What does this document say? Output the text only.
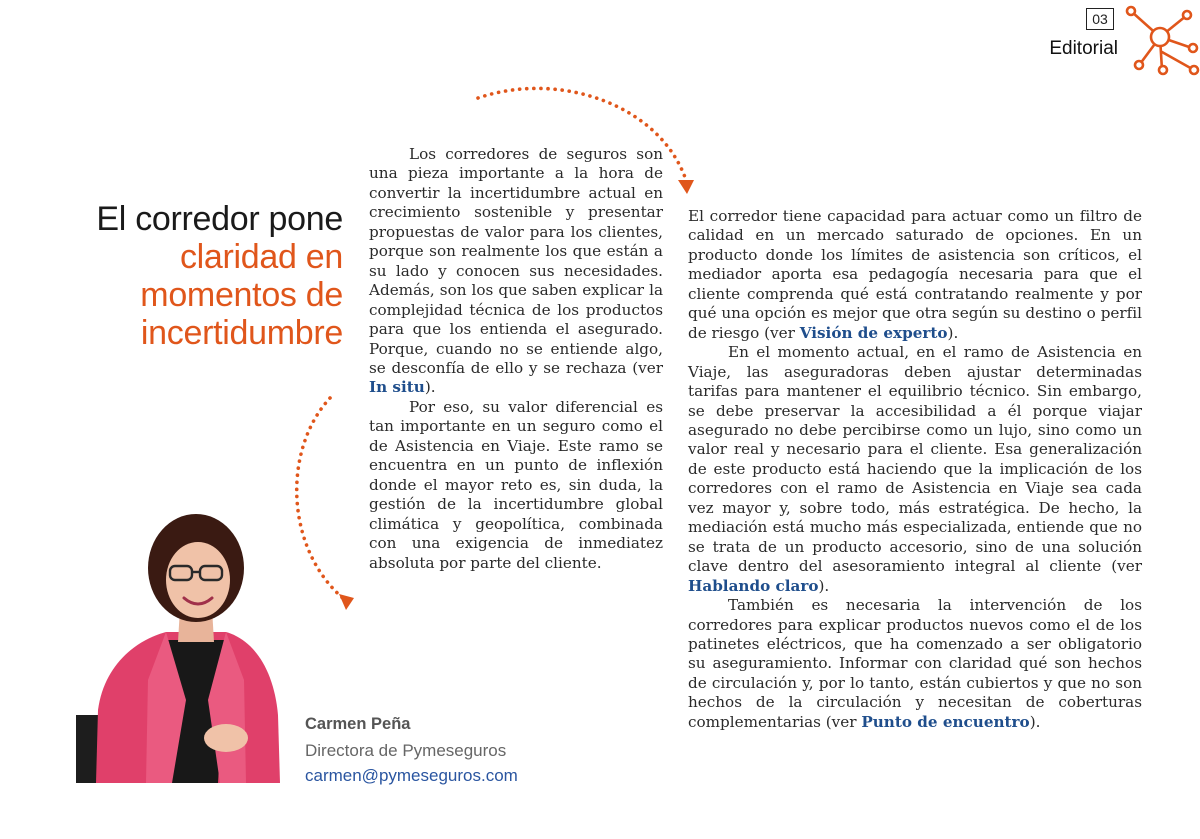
03
Editorial
El corredor pone
claridad en
momentos de
incertidumbre

Los corredores de seguros son una pieza importante a la hora de convertir la incertidumbre actual en crecimiento sostenible y presentar propuestas de valor para los clientes, porque son realmente los que están a su lado y conocen sus necesidades. Además, son los que saben explicar la complejidad técnica de los productos para que los entienda el asegurado. Porque, cuando no se entiende algo, se desconfía de ello y se rechaza (ver In situ).

Por eso, su valor diferencial es tan importante en un seguro como el de Asistencia en Viaje. Este ramo se encuentra en un punto de inflexión donde el mayor reto es, sin duda, la gestión de la incertidumbre global climática y geopolítica, combinada con una exigencia de inmediatez absoluta por parte del cliente.

El corredor tiene capacidad para actuar como un filtro de calidad en un mercado saturado de opciones. En un producto donde los límites de asistencia son críticos, el mediador aporta esa pedagogía necesaria para que el cliente comprenda qué está contratando realmente y por qué una opción es mejor que otra según su destino o perfil de riesgo (ver Visión de experto).

En el momento actual, en el ramo de Asistencia en Viaje, las aseguradoras deben ajustar determinadas tarifas para mantener el equilibrio técnico. Sin embargo, se debe preservar la accesibilidad a él porque viajar asegurado no debe percibirse como un lujo, sino como un valor real y necesario para el cliente. Esa generalización de este producto está haciendo que la implicación de los corredores con el ramo de Asistencia en Viaje sea cada vez mayor y, sobre todo, más estratégica. De hecho, la mediación está mucho más especializada, entiende que no se trata de un producto accesorio, sino de una solución clave dentro del asesoramiento integral al cliente (ver Hablando claro).

También es necesaria la intervención de los corredores para explicar productos nuevos como el de los patinetes eléctricos, que ha comenzado a ser obligatorio su aseguramiento. Informar con claridad qué son hechos de circulación y, por lo tanto, están cubiertos y que no son hechos de la circulación y necesitan de coberturas complementarias (ver Punto de encuentro).

Carmen Peña
Directora de Pymeseguros
carmen@pymeseguros.com
